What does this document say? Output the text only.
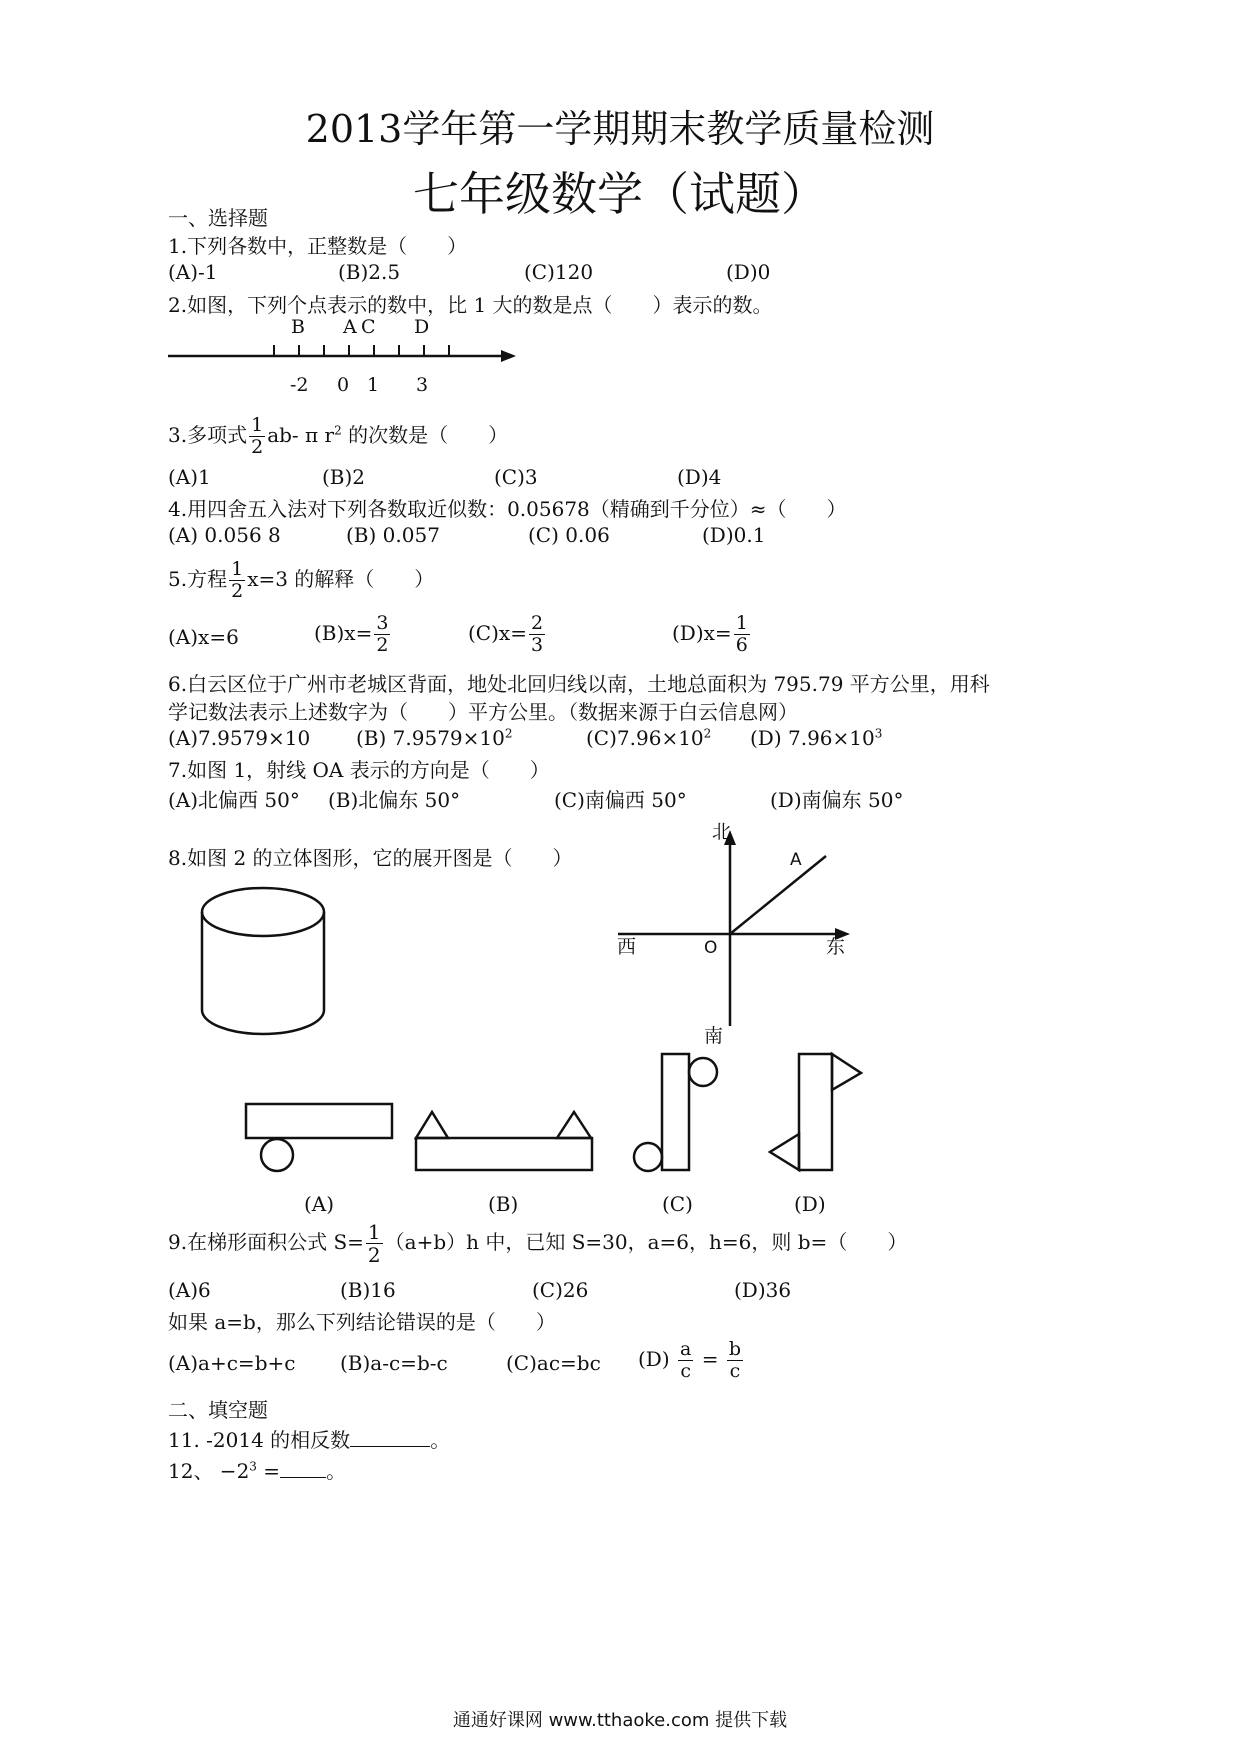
2013学年第一学期期末教学质量检测
七年级数学（试题）
一、选择题
1.下列各数中，正整数是（　　）
(A)-1	(B)2.5	(C)120	(D)0
2.如图，下列个点表示的数中，比 1 大的数是点（　　）表示的数。
B A C D
-2 0 1 3
北
南
西	东
O
A
3.多项式 $\frac{1}{2} ab-$ π $r^2$ 的次数是（　　）
(A)1	(B)2	(C)3	(D)4
4.用四舍五入法对下列各数取近似数：0.05678（精确到千分位）≈（　　）
(A) 0.056 8	(B) 0.057	(C) 0.06	(D)0.1
5.方程 $\frac{1}{2} x=3$ 的解释（　　）
(A)x=6	$(B)x= \frac{3}{2}$	$(C)x= \frac{2}{3}$	$(D)x= \frac{1}{6}$
6.白云区位于广州市老城区背面，地处北回归线以南，土地总面积为 795.79 平方公里，用科
学记数法表示上述数字为（　　）平方公里。（数据来源于白云信息网）
(A)7.9579×10 (B) $7.9579\times 10^2$	$(C)7.96\times 10^2$ (D) $7.96\times 10^3$
7.如图 1，射线 OA 表示的方向是（　　）
(A)北偏西 50° (B)北偏东 50°	(C)南偏西 50°	(D)南偏东 50°
8.如图 2 的立体图形，它的展开图是（　　）
(A)	(B)	(C)	(D)
9.在梯形面积公式 $S= \frac{1}{2} (a+b)h$ 中，已知 S=30，a=6，h=6，则 b=（　　）
(A)6	(B)16	(C)26	(D)36
如果 a=b，那么下列结论错误的是（　　）
(A)a+c=b+c (B)a-c=b-c	(C)ac=bc $(D) \frac{a}{c} = \frac{b}{c}$
二、填空题
11. -2014 的相反数	。
12、 $-2^3$ = 。
通通好课网 www.tthaoke.com 提供下载
